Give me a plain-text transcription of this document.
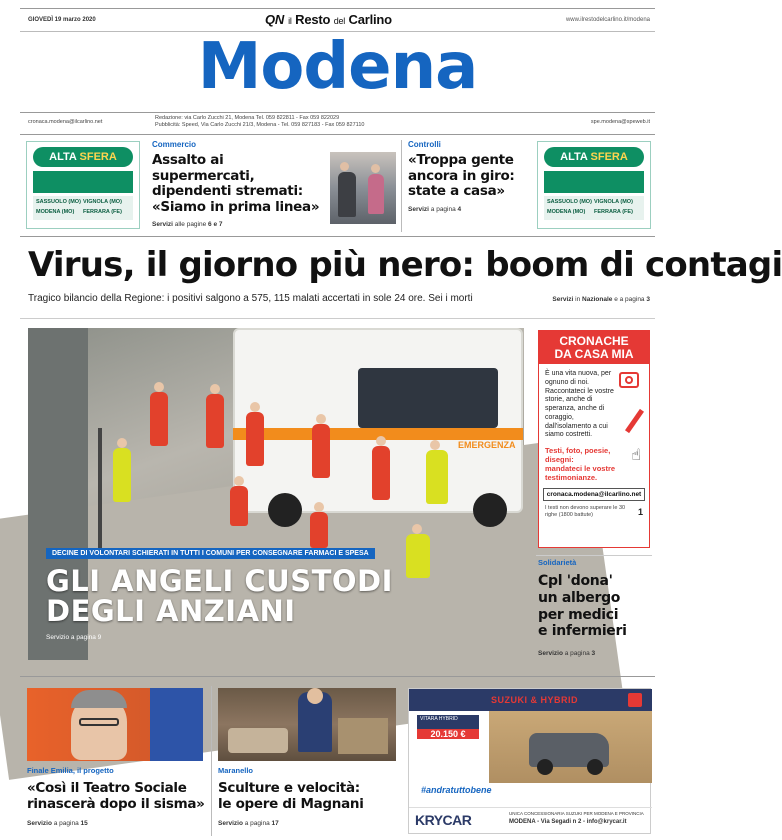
GIOVEDÌ 19 marzo 2020	QN il Resto del Carlino	www.ilrestodelcarlino.it/modena
Modena
cronaca.modena@ilcarlino.net
Redazione: via Carlo Zucchi 21, Modena Tel. 059 822811 - Fax 059 822029
Pubblicità: Speed, Via Carlo Zucchi 21/3, Modena - Tel. 059 827183 - Fax 059 827110
spe.modena@speweb.it
ALTA SFERA
SASSUOLO (MO) VIGNOLA (MO)
MODENA (MO)	FERRARA (FE)
Commercio
Assalto ai supermercati,
dipendenti stremati:
«Siamo in prima linea»
Servizi alle pagine 6 e 7
Controlli
«Troppa gente
ancora in giro:
state a casa»
Servizi a pagina 4
ALTA SFERA
SASSUOLO (MO) VIGNOLA (MO)
MODENA (MO)	FERRARA (FE)
Virus, il giorno più nero: boom di contagi
Tragico bilancio della Regione: i positivi salgono a 575, 115 malati accertati in sole 24 ore. Sei i morti	Servizi in Nazionale e a pagina 3
EMERGENZA
DECINE DI VOLONTARI SCHIERATI IN TUTTI I COMUNI PER CONSEGNARE FARMACI E SPESA
GLI ANGELI CUSTODI
DEGLI ANZIANI
Servizio a pagina 9
CRONACHE
DA CASA MIA
È una vita nuova, per ognuno di noi. Raccontateci le vostre storie, anche di speranza, anche di coraggio, dall'isolamento a cui siamo costretti.
Testi, foto, poesie, disegni:
mandateci le vostre testimonianze.
☝
cronaca.modena@ilcarlino.net
I testi non devono superare le 30 righe (1800 battute)	1
Solidarietà
Cpl 'dona'
un albergo
per medici
e infermieri
Servizio a pagina 3
Finale Emilia, il progetto
«Così il Teatro Sociale
rinascerà dopo il sisma»
Servizio a pagina 15
Maranello
Sculture e velocità:
le opere di Magnani
Servizio a pagina 17
SUZUKI & HYBRID
VITARA HYBRID
20.150 €
#andratuttobene
KRYCAR	UNICA CONCESSIONARIA SUZUKI PER MODENA E PROVINCIA
MODENA - Via Segadi n 2 - info@krycar.it
